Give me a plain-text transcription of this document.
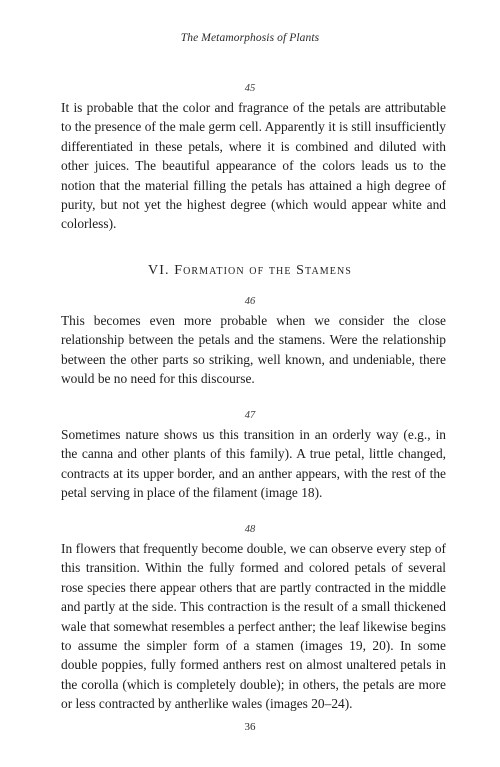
The Metamorphosis of Plants
45

It is probable that the color and fragrance of the petals are attributable to the presence of the male germ cell. Apparently it is still insufficiently differentiated in these petals, where it is combined and diluted with other juices. The beautiful appearance of the colors leads us to the notion that the material filling the petals has attained a high degree of purity, but not yet the highest degree (which would appear white and colorless).

VI. Formation of the Stamens
46

This becomes even more probable when we consider the close relationship between the petals and the stamens. Were the relationship between the other parts so striking, well known, and undeniable, there would be no need for this discourse.

47

Sometimes nature shows us this transition in an orderly way (e.g., in the canna and other plants of this family). A true petal, little changed, contracts at its upper border, and an anther appears, with the rest of the petal serving in place of the filament (image 18).

48

In flowers that frequently become double, we can observe every step of this transition. Within the fully formed and colored petals of several rose species there appear others that are partly contracted in the middle and partly at the side. This contraction is the result of a small thickened wale that somewhat resembles a perfect anther; the leaf likewise begins to assume the simpler form of a stamen (images 19, 20). In some double poppies, fully formed anthers rest on almost unaltered petals in the corolla (which is completely double); in others, the petals are more or less contracted by antherlike wales (images 20–24).

36
